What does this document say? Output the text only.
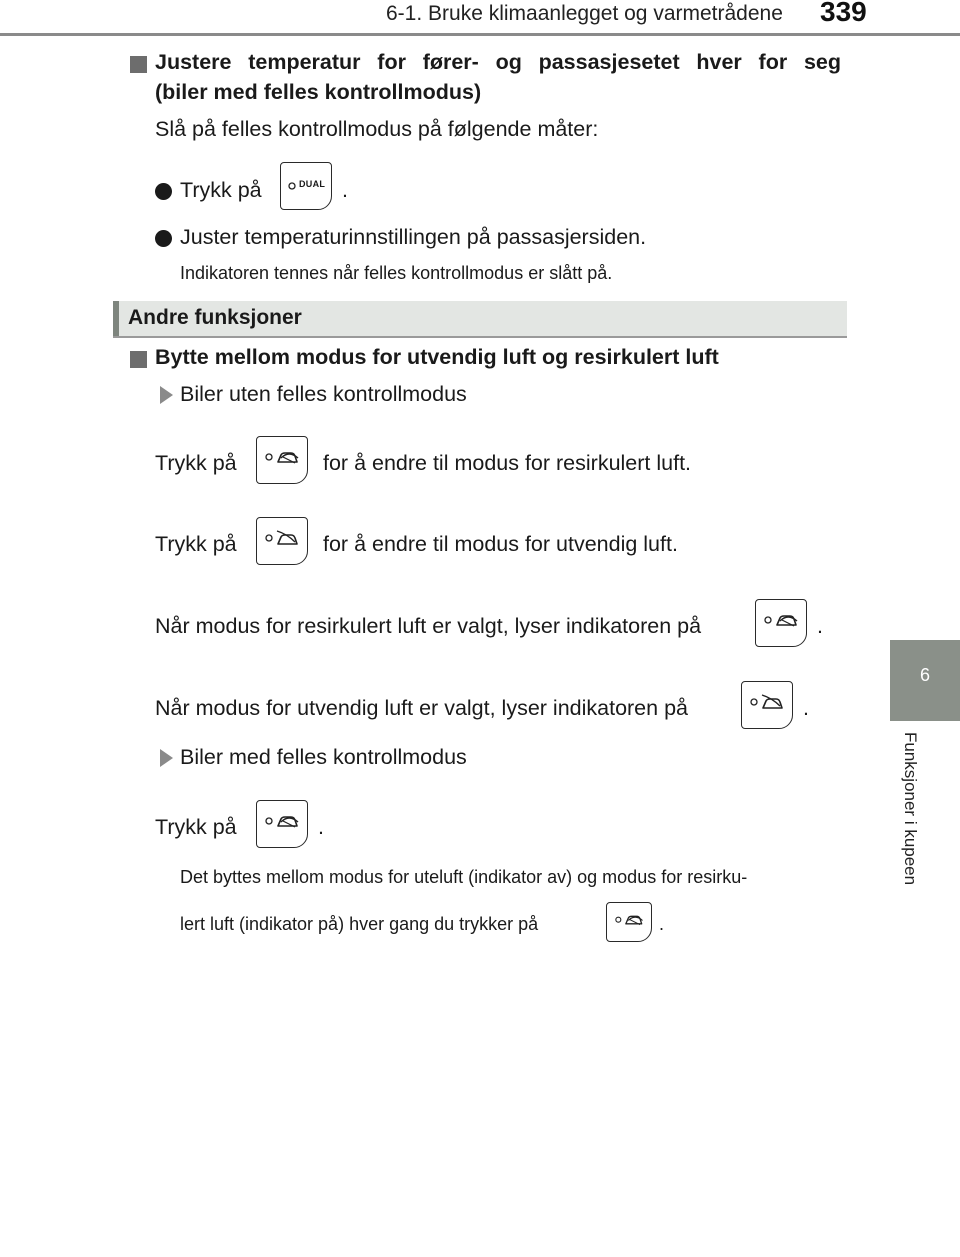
6-1. Bruke klimaanlegget og varmetrådene 339
6
Funksjoner i kupeen
Justere temperatur for fører- og passasjesetet hver for seg
(biler med felles kontrollmodus)
Slå på felles kontrollmodus på følgende måter:
Trykk på	DUAL .
Juster temperaturinnstillingen på passasjersiden.
Indikatoren tennes når felles kontrollmodus er slått på.
Andre funksjoner
Bytte mellom modus for utvendig luft og resirkulert luft
Biler uten felles kontrollmodus
Trykk på	for å endre til modus for resirkulert luft.
Trykk på	for å endre til modus for utvendig luft.
Når modus for resirkulert luft er valgt, lyser indikatoren på	.
Når modus for utvendig luft er valgt, lyser indikatoren på	.
Biler med felles kontrollmodus
Trykk på	.
Det byttes mellom modus for uteluft (indikator av) og modus for resirku-
lert luft (indikator på) hver gang du trykker på	.
